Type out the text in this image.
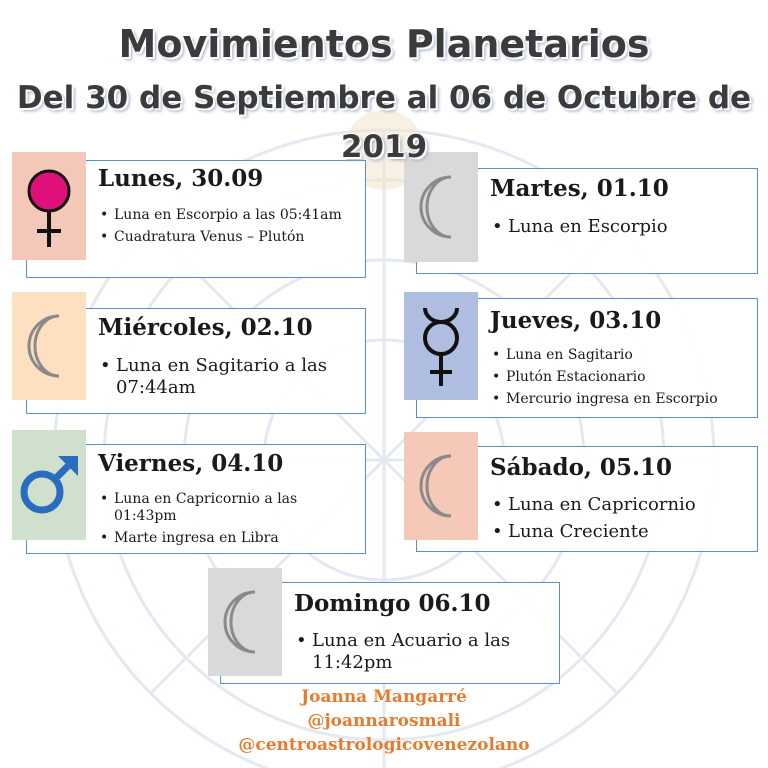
Movimientos Planetarios
Del 30 de Septiembre al 06 de Octubre de
2019
Lunes, 30.09
• Luna en Escorpio a las 05:41am
• Cuadratura Venus – Plutón
Martes, 01.10
• Luna en Escorpio
Miércoles, 02.10
• Luna en Sagitario a las 07:44am
Jueves, 03.10
• Luna en Sagitario
• Plutón Estacionario
• Mercurio ingresa en Escorpio
Viernes, 04.10
• Luna en Capricornio a las 01:43pm
• Marte ingresa en Libra
Sábado, 05.10
• Luna en Capricornio
• Luna Creciente
Domingo 06.10
• Luna en Acuario a las 11:42pm
Joanna Mangarré
@joannarosmali
@centroastrologicovenezolano
